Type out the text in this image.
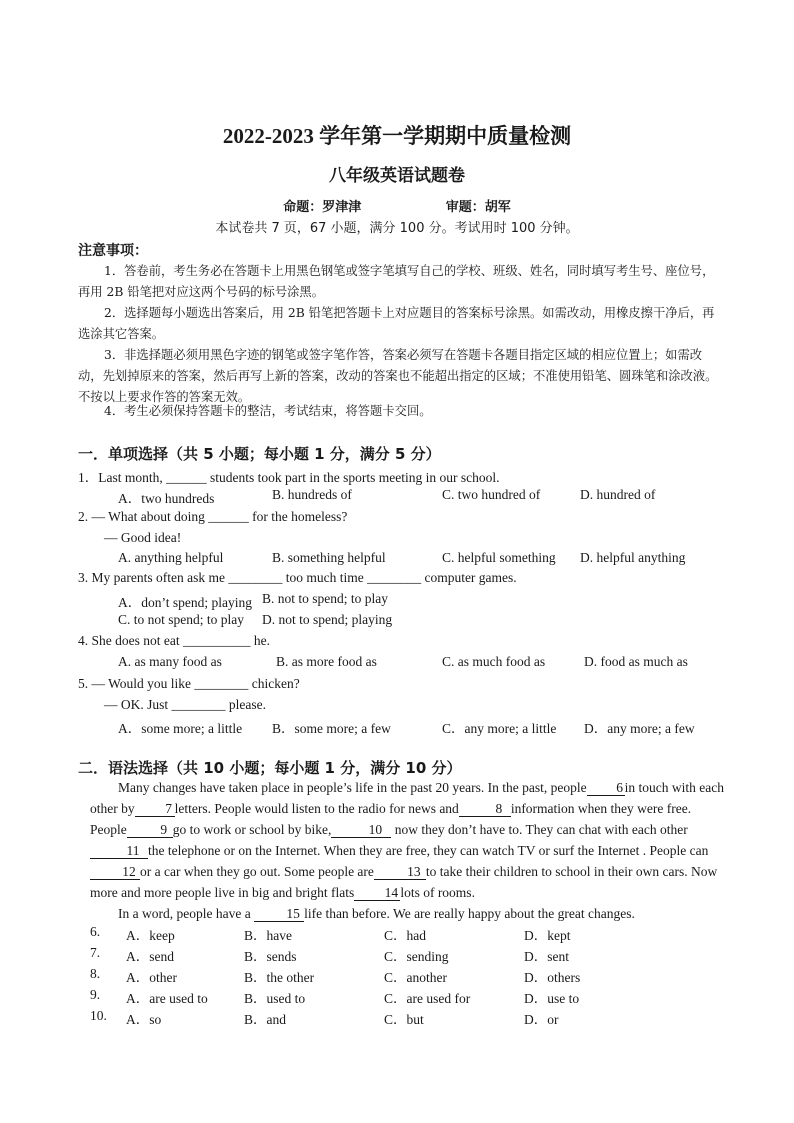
2022-2023 学年第一学期期中质量检测
八年级英语试题卷
命题：罗津津	审题：胡军
本试卷共 7 页，67 小题，满分 100 分。考试用时 100 分钟。
注意事项：
1．答卷前，考生务必在答题卡上用黑色钢笔或签字笔填写自己的学校、班级、姓名，同时填写考生号、座位号，再用 2B 铅笔把对应这两个号码的标号涂黑。
2．选择题每小题选出答案后，用 2B 铅笔把答题卡上对应题目的答案标号涂黑。如需改动，用橡皮擦干净后，再选涂其它答案。
3．非选择题必须用黑色字迹的钢笔或签字笔作答，答案必须写在答题卡各题目指定区域的相应位置上；如需改动，先划掉原来的答案，然后再写上新的答案，改动的答案也不能超出指定的区域；不准使用铅笔、圆珠笔和涂改液。不按以上要求作答的答案无效。
4．考生必须保持答题卡的整洁，考试结束，将答题卡交回。
一．单项选择（共 5 小题；每小题 1 分，满分 5 分）
1．Last month, ______ students took part in the sports meeting in our school.
A．two hundreds	B. hundreds of	C. two hundred of	D. hundred of
2. — What about doing ______ for the homeless?
— Good idea!
A. anything helpful	B. something helpful	C. helpful something D. helpful anything
3. My parents often ask me ________ too much time ________ computer games.
A．don’t spend; playing B. not to spend; to play
C. to not spend; to play D. not to spend; playing
4. She does not eat __________ he.
A. as many food as	B. as more food as	C. as much food as	D. food as much as
5. — Would you like ________ chicken?
— OK. Just ________ please.
A．some more; a little B．some more; a few	C．any more; a little D．any more; a few
二．语法选择（共 10 小题；每小题 1 分，满分 10 分）

Many changes have taken place in people’s life in the past 20 years. In the past, people 6 in touch with each other by 7 letters. People would listen to the radio for news and	8 information when they were free. People 9 go to work or school by bike,	10 now they don’t have to. They can chat with each other11 the telephone or on the Internet. When they are free, they can watch TV or surf the Internet . People can12 or a car when they go out. Some people are 13 to take their children to school in their own cars. Now more and more people live in big and bright flats 14 lots of rooms.

In a word, people have a	15 life than before. We are really happy about the great changes.

6. A．keep	B．have	C．had	D．kept
7. A．send	B．sends	C．sending	D．sent
8. A．other	B．the other	C．another	D．others
9. A．are used to	B．used to	C．are used for	D．use to
10. A．so	B．and	C．but	D．or
